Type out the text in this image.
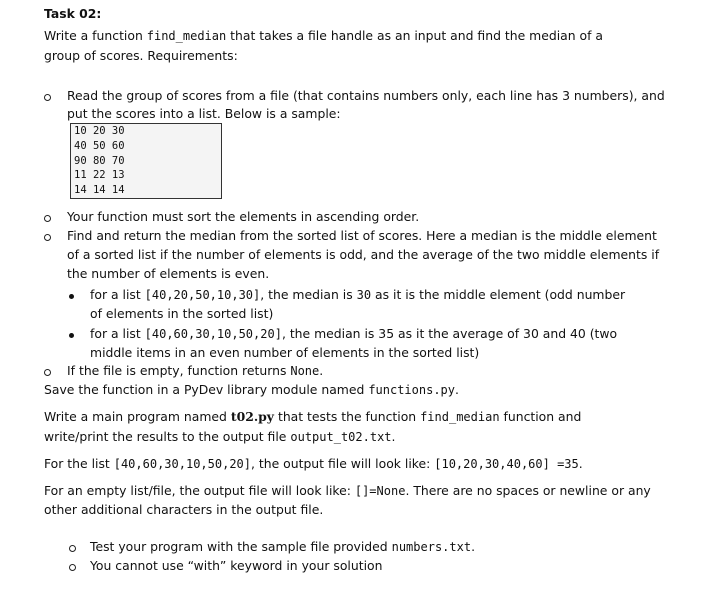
Task 02:
Write a function find_median that takes a file handle as an input and find the median of a
group of scores. Requirements:
Read the group of scores from a file (that contains numbers only, each line has 3 numbers), and
put the scores into a list. Below is a sample:
10 20 30
40 50 60
90 80 70
11 22 13
14 14 14
Your function must sort the elements in ascending order.
Find and return the median from the sorted list of scores. Here a median is the middle element
of a sorted list if the number of elements is odd, and the average of the two middle elements if
the number of elements is even.
for a list [40,20,50,10,30], the median is 30 as it is the middle element (odd number
of elements in the sorted list)
for a list [40,60,30,10,50,20], the median is 35 as it the average of 30 and 40 (two
middle items in an even number of elements in the sorted list)
If the file is empty, function returns None.
Save the function in a PyDev library module named functions.py.
Write a main program named t02.py that tests the function find_median function and
write/print the results to the output file output_t02.txt.
For the list [40,60,30,10,50,20], the output file will look like: [10,20,30,40,60] =35.
For an empty list/file, the output file will look like: []=None. There are no spaces or newline or any
other additional characters in the output file.
Test your program with the sample file provided numbers.txt.
You cannot use “with” keyword in your solution
